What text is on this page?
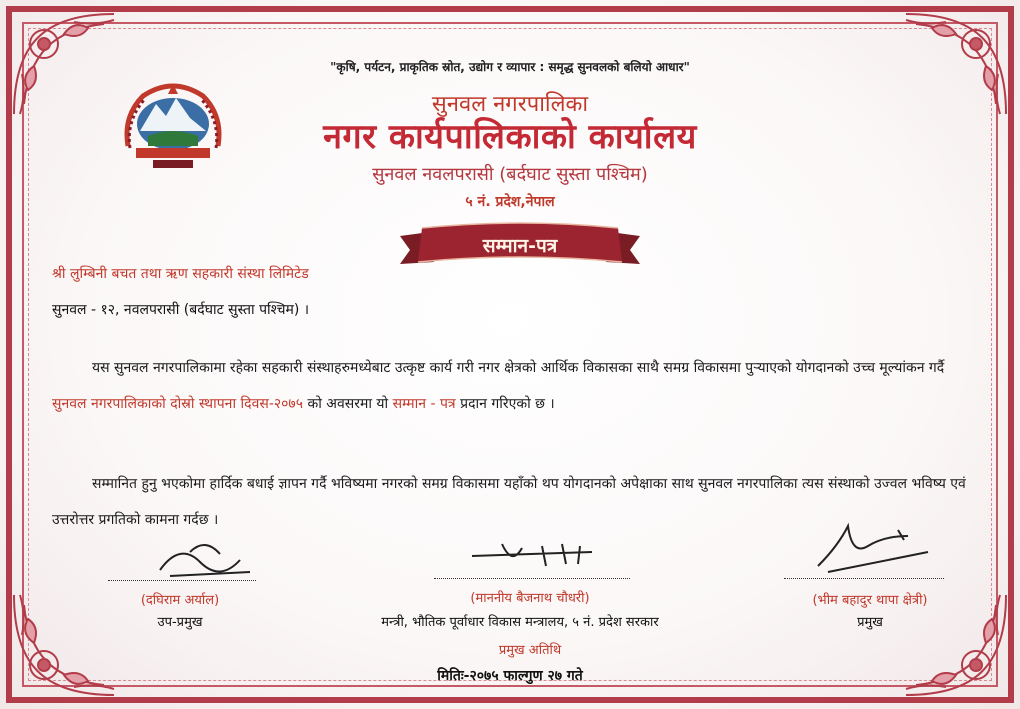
"कृषि, पर्यटन, प्राकृतिक स्रोत, उद्योग र व्यापार : समृद्ध सुनवलको बलियो आधार"
सुनवल नगरपालिका
नगर कार्यपालिकाको कार्यालय
सुनवल नवलपरासी (बर्दघाट सुस्ता पश्चिम)
५ नं. प्रदेश,नेपाल
सम्मान-पत्र
श्री लुम्बिनी बचत तथा ऋण सहकारी संस्था लिमिटेड
सुनवल - १२, नवलपरासी (बर्दघाट सुस्ता पश्चिम) ।
यस सुनवल नगरपालिकामा रहेका सहकारी संस्थाहरुमध्येबाट उत्कृष्ट कार्य गरी नगर क्षेत्रको आर्थिक विकासका साथै समग्र विकासमा पुर्‍याएको योगदानको उच्च मूल्यांकन गर्दै सुनवल नगरपालिकाको दोस्रो स्थापना दिवस-२०७५ को अवसरमा यो सम्मान - पत्र प्रदान गरिएको छ ।
सम्मानित हुनु भएकोमा हार्दिक बधाई ज्ञापन गर्दै भविष्यमा नगरको समग्र विकासमा यहाँको थप योगदानको अपेक्षाका साथ सुनवल नगरपालिका त्यस संस्थाको उज्वल भविष्य एवं उत्तरोत्तर प्रगतिको कामना गर्दछ ।
(दघिराम अर्याल)
उप-प्रमुख
(माननीय बैजनाथ चौधरी)
मन्त्री, भौतिक पूर्वाधार विकास मन्त्रालय, ५ नं. प्रदेश सरकार
प्रमुख अतिथि
(भीम बहादुर थापा क्षेत्री)
प्रमुख
मितिः-२०७५ फाल्गुण २७ गते
